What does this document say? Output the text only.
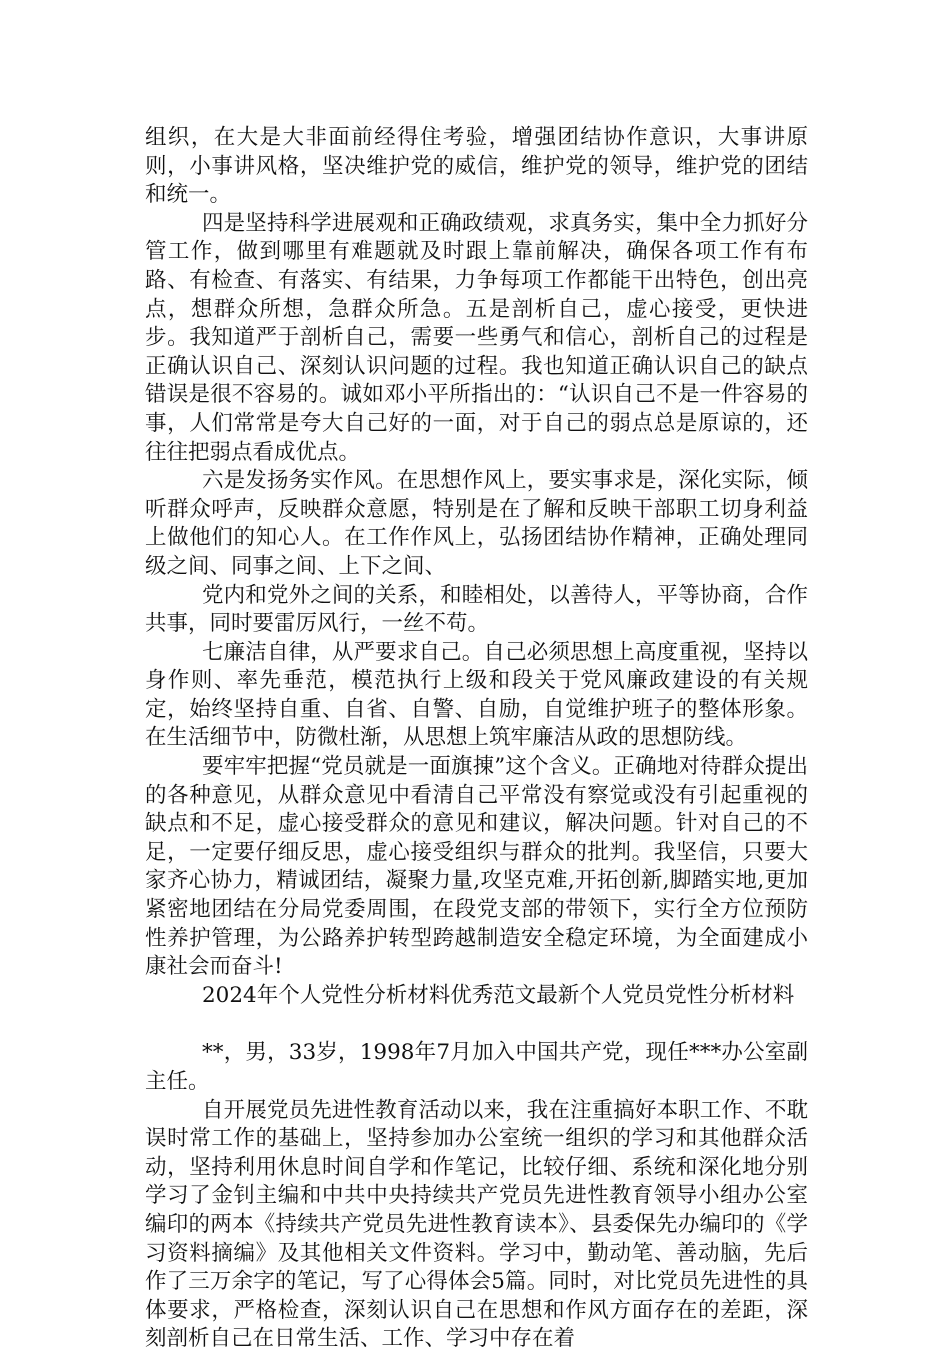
组织，在大是大非面前经得住考验，增强团结协作意识，大事讲原则，小事讲风格，坚决维护党的威信，维护党的领导，维护党的团结和统一。

四是坚持科学进展观和正确政绩观，求真务实，集中全力抓好分管工作，做到哪里有难题就及时跟上靠前解决，确保各项工作有布路、有检查、有落实、有结果，力争每项工作都能干出特色，创出亮点，想群众所想，急群众所急。五是剖析自己，虚心接受，更快进步。我知道严于剖析自己，需要一些勇气和信心，剖析自己的过程是正确认识自己、深刻认识问题的过程。我也知道正确认识自己的缺点错误是很不容易的。诚如邓小平所指出的：“认识自己不是一件容易的事，人们常常是夸大自己好的一面，对于自己的弱点总是原谅的，还往往把弱点看成优点。

六是发扬务实作风。在思想作风上，要实事求是，深化实际，倾听群众呼声，反映群众意愿，特别是在了解和反映干部职工切身利益上做他们的知心人。在工作作风上，弘扬团结协作精神，正确处理同级之间、同事之间、上下之间、

党内和党外之间的关系，和睦相处，以善待人，平等协商，合作共事，同时要雷厉风行，一丝不苟。

七廉洁自律，从严要求自己。自己必须思想上高度重视，坚持以身作则、率先垂范，模范执行上级和段关于党风廉政建设的有关规定，始终坚持自重、自省、自警、自励，自觉维护班子的整体形象。在生活细节中，防微杜渐，从思想上筑牢廉洁从政的思想防线。

要牢牢把握“党员就是一面旗㨂”这个含义。正确地对待群众提出的各种意见，从群众意见中看清自己平常没有察觉或没有引起重视的缺点和不足，虚心接受群众的意见和建议，解决问题。针对自己的不足，一定要仔细反思，虚心接受组织与群众的批判。我坚信，只要大家齐心协力，精诚团结，凝聚力量,攻坚克难,开拓创新,脚踏实地,更加紧密地团结在分局党委周围，在段党支部的带领下，实行全方位预防性养护管理，为公路养护转型跨越制造安全稳定环境，为全面建成小康社会而奋斗!

2024年个人党性分析材料优秀范文最新个人党员党性分析材料

**，男，33岁，1998年7月加入中国共产党，现任***办公室副主任。

自开展党员先进性教育活动以来，我在注重搞好本职工作、不耽误时常工作的基础上，坚持参加办公室统一组织的学习和其他群众活动，坚持利用休息时间自学和作笔记，比较仔细、系统和深化地分别学习了金钊主编和中共中央持续共产党员先进性教育领导小组办公室编印的两本《持续共产党员先进性教育读本》、县委保先办编印的《学习资料摘编》及其他相关文件资料。学习中，勤动笔、善动脑，先后作了三万余字的笔记，写了心得体会5篇。同时，对比党员先进性的具体要求，严格检查，深刻认识自己在思想和作风方面存在的差距，深刻剖析自己在日常生活、工作、学习中存在着
